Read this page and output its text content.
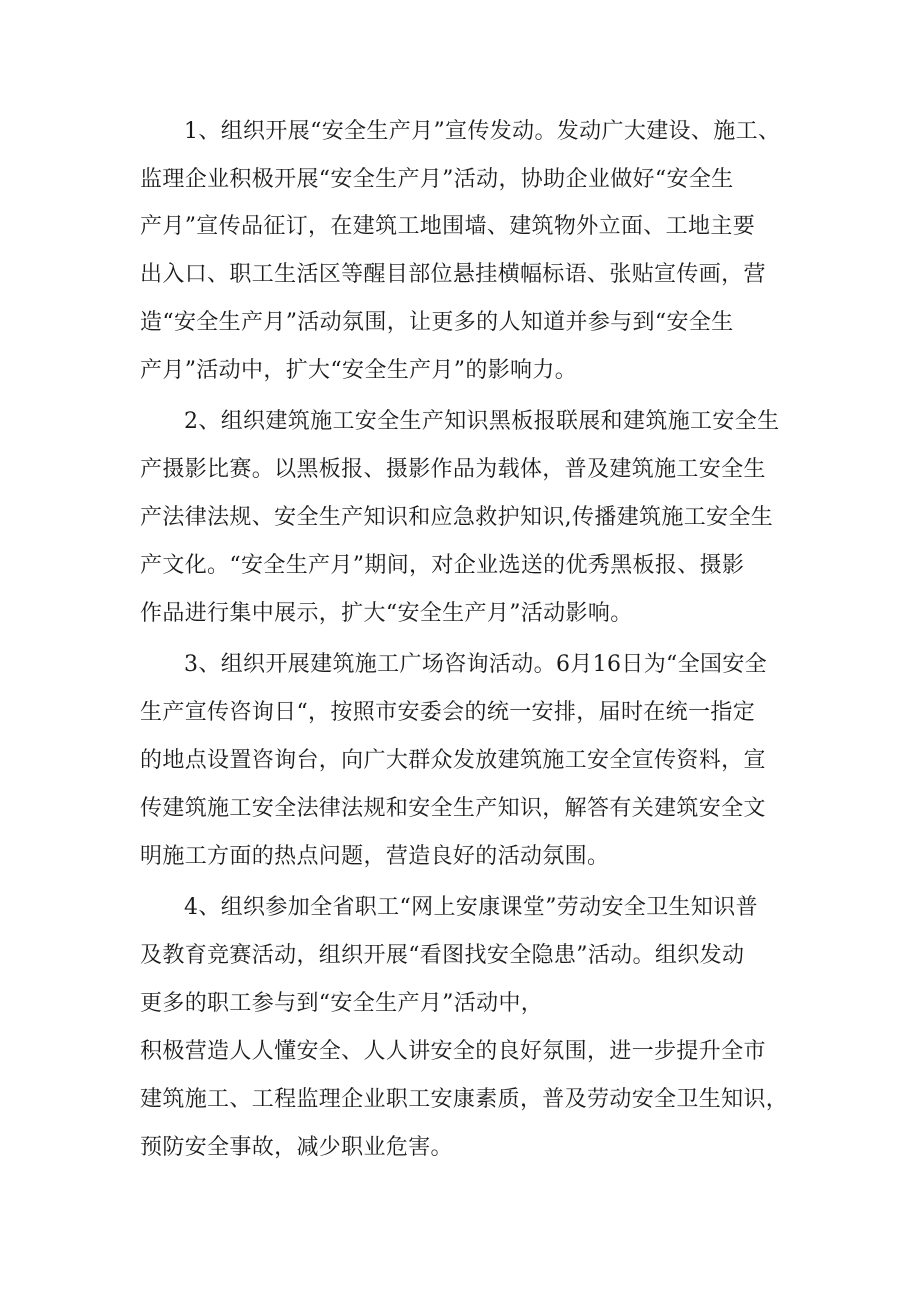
1、组织开展“安全生产月”宣传发动。发动广大建设、施工、
监理企业积极开展“安全生产月”活动，协助企业做好“安全生
产月”宣传品征订，在建筑工地围墙、建筑物外立面、工地主要
出入口、职工生活区等醒目部位悬挂横幅标语、张贴宣传画，营
造“安全生产月”活动氛围，让更多的人知道并参与到“安全生
产月”活动中，扩大“安全生产月”的影响力。
2、组织建筑施工安全生产知识黑板报联展和建筑施工安全生
产摄影比赛。以黑板报、摄影作品为载体，普及建筑施工安全生
产法律法规、安全生产知识和应急救护知识,传播建筑施工安全生
产文化。“安全生产月”期间，对企业选送的优秀黑板报、摄影
作品进行集中展示，扩大“安全生产月”活动影响。
3、组织开展建筑施工广场咨询活动。6月16日为“全国安全
生产宣传咨询日“，按照市安委会的统一安排，届时在统一指定
的地点设置咨询台，向广大群众发放建筑施工安全宣传资料，宣
传建筑施工安全法律法规和安全生产知识，解答有关建筑安全文
明施工方面的热点问题，营造良好的活动氛围。
4、组织参加全省职工“网上安康课堂”劳动安全卫生知识普
及教育竞赛活动，组织开展“看图找安全隐患”活动。组织发动
更多的职工参与到“安全生产月”活动中，
积极营造人人懂安全、人人讲安全的良好氛围，进一步提升全市
建筑施工、工程监理企业职工安康素质，普及劳动安全卫生知识，
预防安全事故，减少职业危害。
